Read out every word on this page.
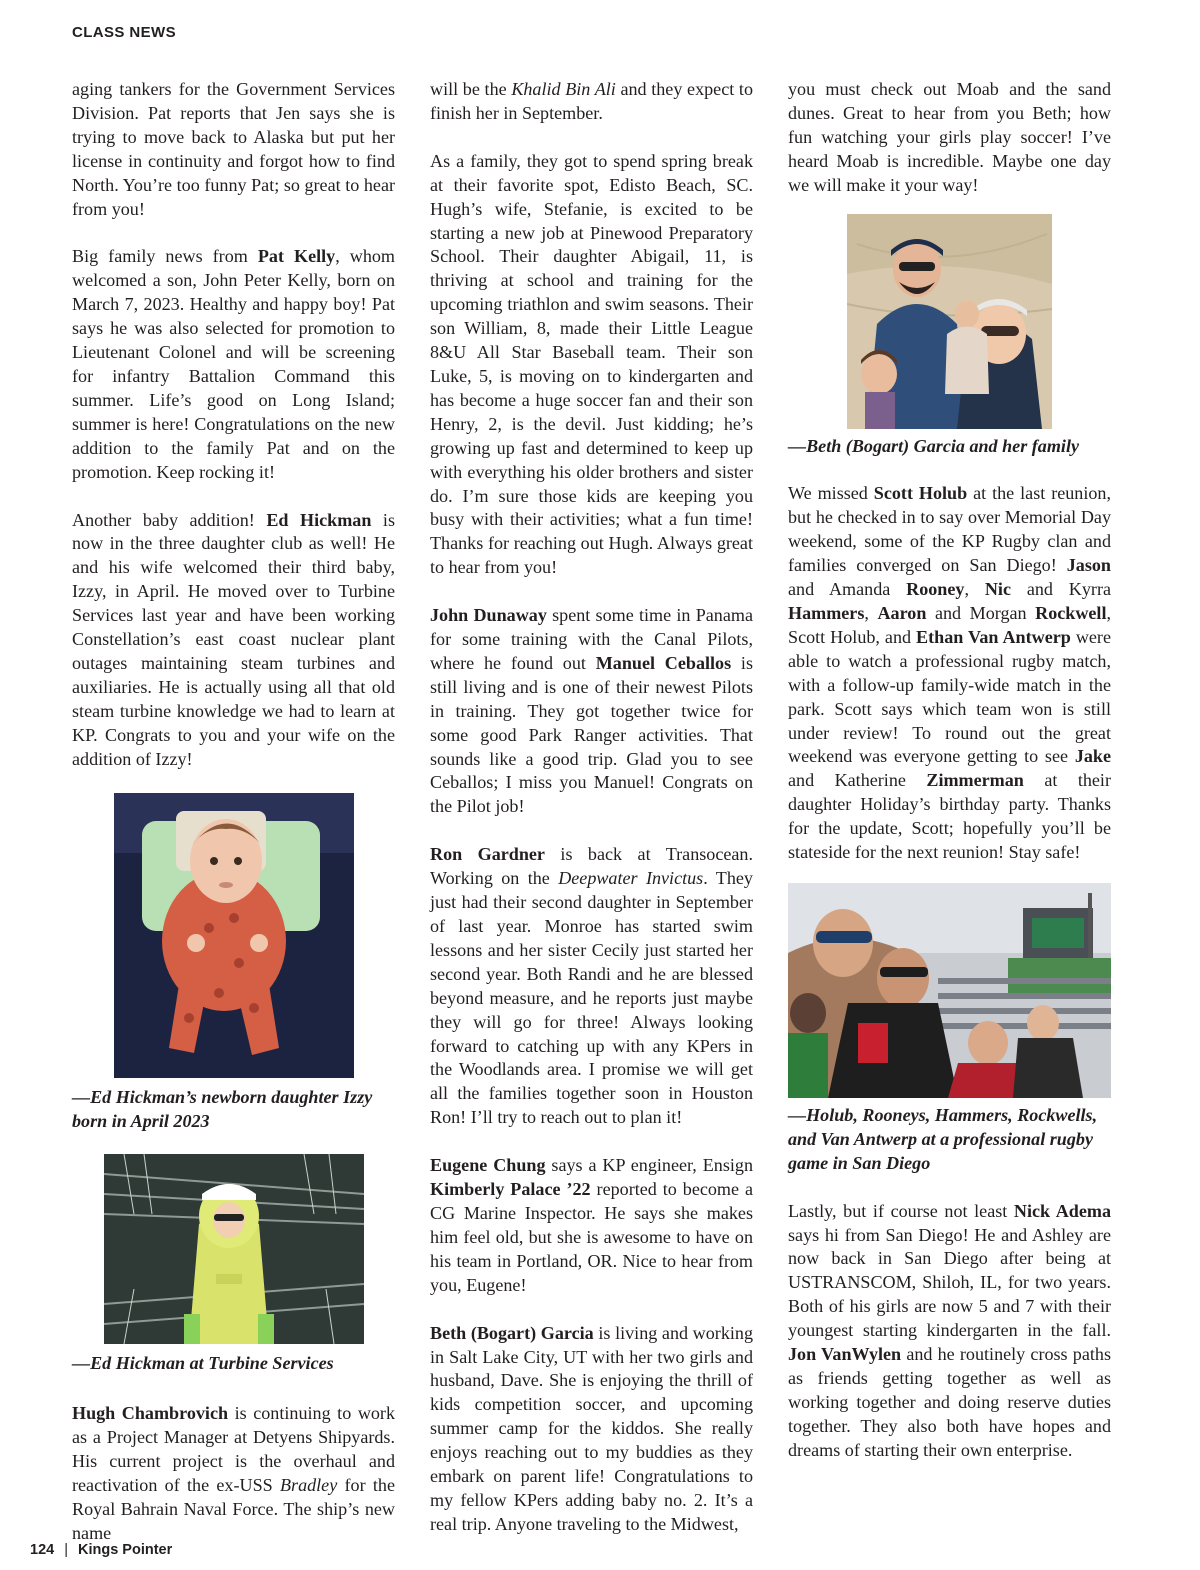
CLASS NEWS

aging tankers for the Government Services Division. Pat reports that Jen says she is trying to move back to Alaska but put her license in continuity and forgot how to find North. You’re too funny Pat; so great to hear from you!

Big family news from Pat Kelly, whom welcomed a son, John Peter Kelly, born on March 7, 2023. Healthy and happy boy! Pat says he was also selected for promotion to Lieutenant Colonel and will be screening for infantry Battalion Command this summer. Life’s good on Long Island; summer is here! Congratulations on the new addition to the family Pat and on the promotion. Keep rocking it!

Another baby addition! Ed Hickman is now in the three daughter club as well! He and his wife welcomed their third baby, Izzy, in April. He moved over to Turbine Services last year and have been working Constellation’s east coast nuclear plant outages maintaining steam turbines and auxiliaries. He is actually using all that old steam turbine knowledge we had to learn at KP. Congrats to you and your wife on the addition of Izzy!

—Ed Hickman’s newborn daughter Izzy born in April 2023
—Ed Hickman at Turbine Services

Hugh Chambrovich is continuing to work as a Project Manager at Detyens Shipyards. His current project is the overhaul and reactivation of the ex-USS Bradley for the Royal Bahrain Naval Force. The ship’s new name

will be the Khalid Bin Ali and they expect to finish her in September.

As a family, they got to spend spring break at their favorite spot, Edisto Beach, SC. Hugh’s wife, Stefanie, is excited to be starting a new job at Pinewood Preparatory School. Their daughter Abigail, 11, is thriving at school and training for the upcoming triathlon and swim seasons. Their son William, 8, made their Little League 8&U All Star Baseball team. Their son Luke, 5, is moving on to kindergarten and has become a huge soccer fan and their son Henry, 2, is the devil. Just kidding; he’s growing up fast and determined to keep up with everything his older brothers and sister do. I’m sure those kids are keeping you busy with their activities; what a fun time! Thanks for reaching out Hugh. Always great to hear from you!

John Dunaway spent some time in Panama for some training with the Canal Pilots, where he found out Manuel Ceballos is still living and is one of their newest Pilots in training. They got together twice for some good Park Ranger activities. That sounds like a good trip. Glad you to see Ceballos; I miss you Manuel! Congrats on the Pilot job!

Ron Gardner is back at Transocean. Working on the Deepwater Invictus. They just had their second daughter in September of last year. Monroe has started swim lessons and her sister Cecily just started her second year. Both Randi and he are blessed beyond measure, and he reports just maybe they will go for three! Always looking forward to catching up with any KPers in the Woodlands area. I promise we will get all the families together soon in Houston Ron! I’ll try to reach out to plan it!

Eugene Chung says a KP engineer, Ensign Kimberly Palace ’22 reported to become a CG Marine Inspector. He says she makes him feel old, but she is awesome to have on his team in Portland, OR. Nice to hear from you, Eugene!

Beth (Bogart) Garcia is living and working in Salt Lake City, UT with her two girls and husband, Dave. She is enjoying the thrill of kids competition soccer, and upcoming summer camp for the kiddos. She really enjoys reaching out to my buddies as they embark on parent life! Congratulations to my fellow KPers adding baby no. 2. It’s a real trip. Anyone traveling to the Midwest,

you must check out Moab and the sand dunes. Great to hear from you Beth; how fun watching your girls play soccer! I’ve heard Moab is incredible. Maybe one day we will make it your way!

—Beth (Bogart) Garcia and her family

We missed Scott Holub at the last reunion, but he checked in to say over Memorial Day weekend, some of the KP Rugby clan and families converged on San Diego! Jason and Amanda Rooney, Nic and Kyrra Hammers, Aaron and Morgan Rockwell, Scott Holub, and Ethan Van Antwerp were able to watch a professional rugby match, with a follow-up family-wide match in the park. Scott says which team won is still under review! To round out the great weekend was everyone getting to see Jake and Katherine Zimmerman at their daughter Holiday’s birthday party. Thanks for the update, Scott; hopefully you’ll be stateside for the next reunion! Stay safe!

—Holub, Rooneys, Hammers, Rockwells, and Van Antwerp at a professional rugby game in San Diego

Lastly, but if course not least Nick Adema says hi from San Diego! He and Ashley are now back in San Diego after being at USTRANSCOM, Shiloh, IL, for two years. Both of his girls are now 5 and 7 with their youngest starting kindergarten in the fall. Jon VanWylen and he routinely cross paths as friends getting together as well as working together and doing reserve duties together. They also both have hopes and dreams of starting their own enterprise.

124 | Kings Pointer
